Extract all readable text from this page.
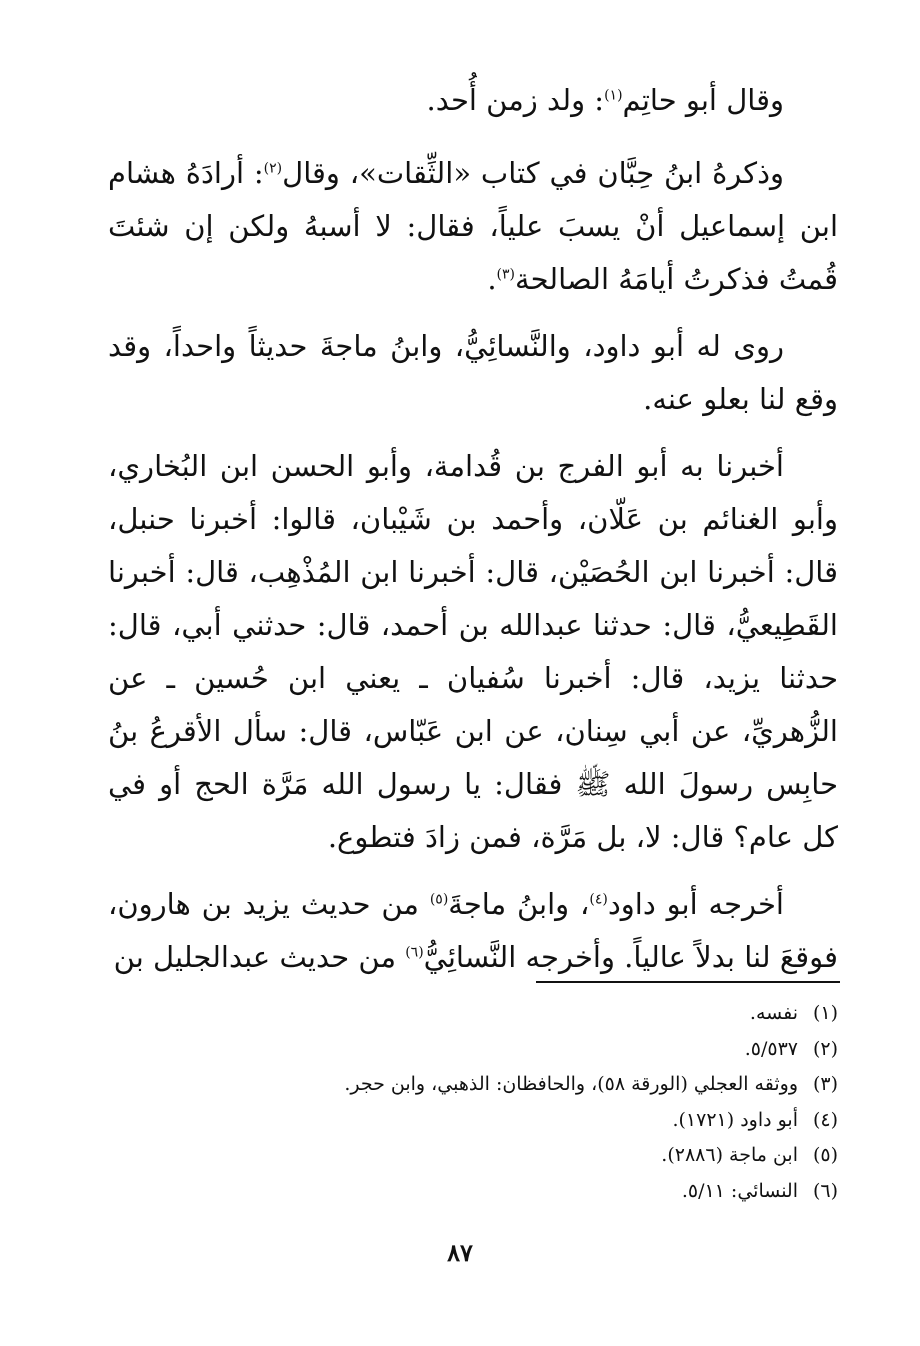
وقال أبو حاتِم$^{(١)}$: ولد زمن أُحد.

وذكرهُ ابنُ حِبَّان في كتاب «الثِّقات»، وقال$^{(٢)}$: أرادَهُ هشام ابن إسماعيل أنْ يسبَ علياً، فقال: لا أسبهُ ولكن إن شئتَ قُمتُ فذكرتُ أيامَهُ الصالحة$^{(٣)}$.

روى له أبو داود، والنَّسائِيُّ، وابنُ ماجةَ حديثاً واحداً، وقد وقع لنا بعلو عنه.

أخبرنا به أبو الفرج بن قُدامة، وأبو الحسن ابن البُخاري، وأبو الغنائم بن عَلّان، وأحمد بن شَيْبان، قالوا: أخبرنا حنبل، قال: أخبرنا ابن الحُصَيْن، قال: أخبرنا ابن المُذْهِب، قال: أخبرنا القَطِيعيُّ، قال: حدثنا عبدالله بن أحمد، قال: حدثني أبي، قال: حدثنا يزيد، قال: أخبرنا سُفيان ـ يعني ابن حُسين ـ عن الزُّهريِّ، عن أبي سِنان، عن ابن عَبّاس، قال: سأل الأقرعُ بنُ حابِس رسولَ الله ﷺ فقال: يا رسول الله مَرَّة الحج أو في كل عام؟ قال: لا، بل مَرَّة، فمن زادَ فتطوع.

أخرجه أبو داود$^{(٤)}$، وابنُ ماجةَ$^{(٥)}$ من حديث يزيد بن هارون، فوقعَ لنا بدلاً عالياً. وأخرجه النَّسائِيُّ$^{(٦)}$ من حديث عبدالجليل بن

(١)نفسه.
(٢)٥/٥٣٧.
(٣)ووثقه العجلي (الورقة ٥٨)، والحافظان: الذهبي، وابن حجر.
(٤)أبو داود (١٧٢١).
(٥)ابن ماجة (٢٨٨٦).
(٦)النسائي: ٥/١١.
٨٧
